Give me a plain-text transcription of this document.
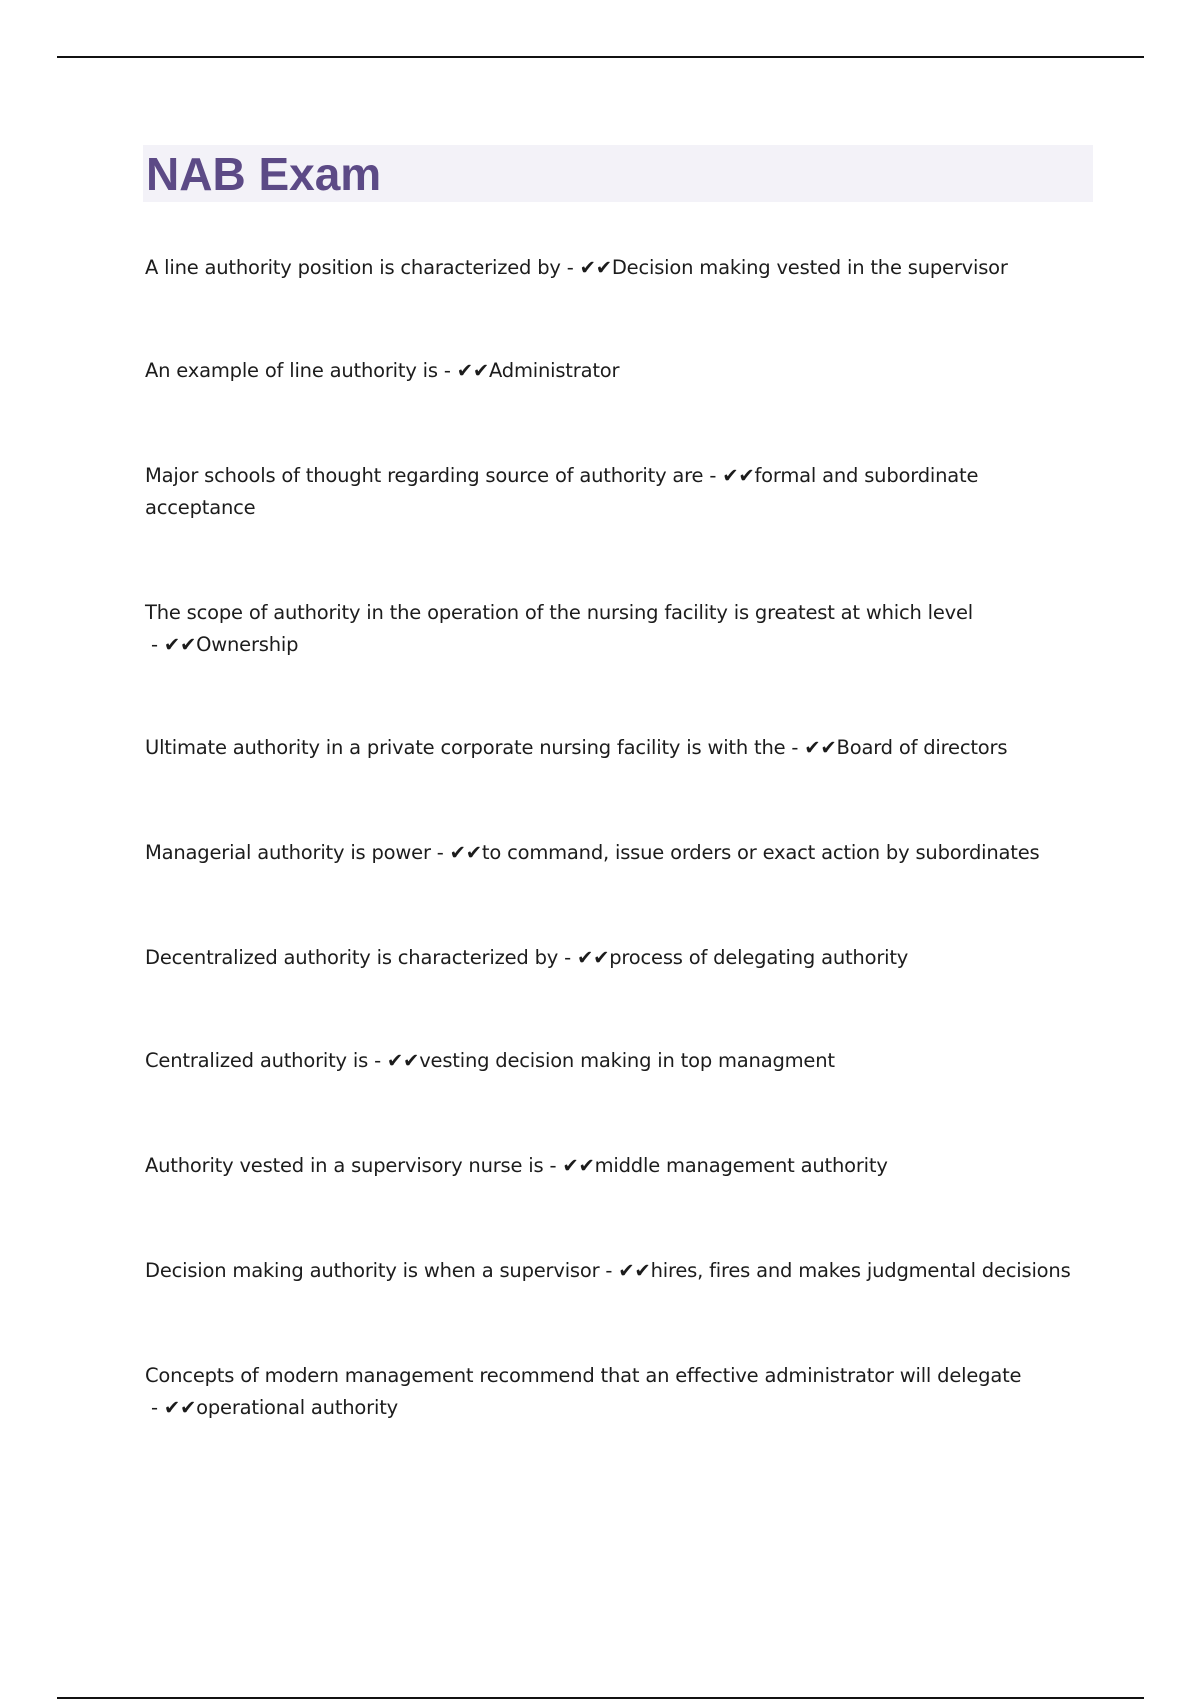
NAB Exam
A line authority position is characterized by - ✔✔Decision making vested in the supervisor
An example of line authority is - ✔✔Administrator
Major schools of thought regarding source of authority are - ✔✔formal and subordinate acceptance
The scope of authority in the operation of the nursing facility is greatest at which level - ✔✔Ownership
Ultimate authority in a private corporate nursing facility is with the - ✔✔Board of directors
Managerial authority is power - ✔✔to command, issue orders or exact action by subordinates
Decentralized authority is characterized by - ✔✔process of delegating authority
Centralized authority is - ✔✔vesting decision making in top managment
Authority vested in a supervisory nurse is - ✔✔middle management authority
Decision making authority is when a supervisor - ✔✔hires, fires and makes judgmental decisions
Concepts of modern management recommend that an effective administrator will delegate - ✔✔operational authority
